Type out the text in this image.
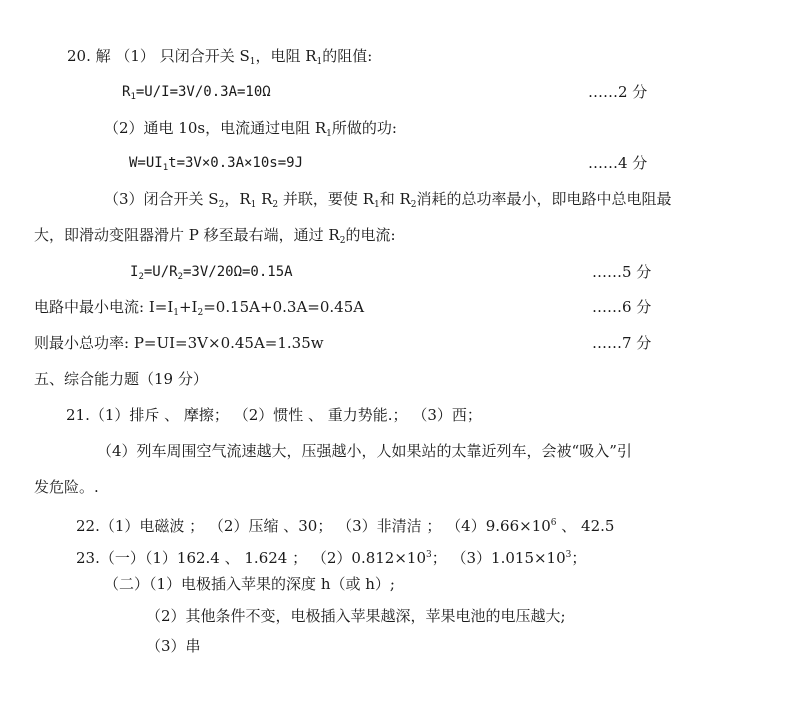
20. 解 （1） 只闭合开关 $S_1$，电阻 $R_1$的阻值:
$R_1=U/I=3V/0.3A=10\Omega$	……2 分
（2）通电 10s，电流通过电阻 $R_1$所做的功:
$W=UI_1t=3V\times 0.3A\times 10s=9J$	……4 分
（3）闭合开关 $S_2$，$R_1$ $R_2$ 并联，要使 $R_1$和 $R_2$消耗的总功率最小，即电路中总电阻最
大，即滑动变阻器滑片 P 移至最右端，通过 $R_2$的电流:
$I_2=U/R_2=3V/20\Omega=0.15A$	……5 分
电路中最小电流: $I=I_1+I_2=0.15A+0.3A=0.45A$	……6 分
则最小总功率: P=UI=3V×0.45A=1.35w	……7 分
五、综合能力题（19 分）
21.（1）排斥 、 摩擦； （2）惯性 、 重力势能.； （3）西；
（4）列车周围空气流速越大，压强越小，人如果站的太靠近列车，会被“吸入”引
发危险。.
22.（1）电磁波 ； （2）压缩 、30； （3）非清洁 ； $(4)9.66\times 10^6$ 、 42.5
23.（一）（1）162.4 、 1.624 ； $(2)0.812\times 10^3$； $(3)1.015\times 10^3$；
（二）（1）电极插入苹果的深度 h（或 h）;
（2）其他条件不变，电极插入苹果越深，苹果电池的电压越大;
（3）串
